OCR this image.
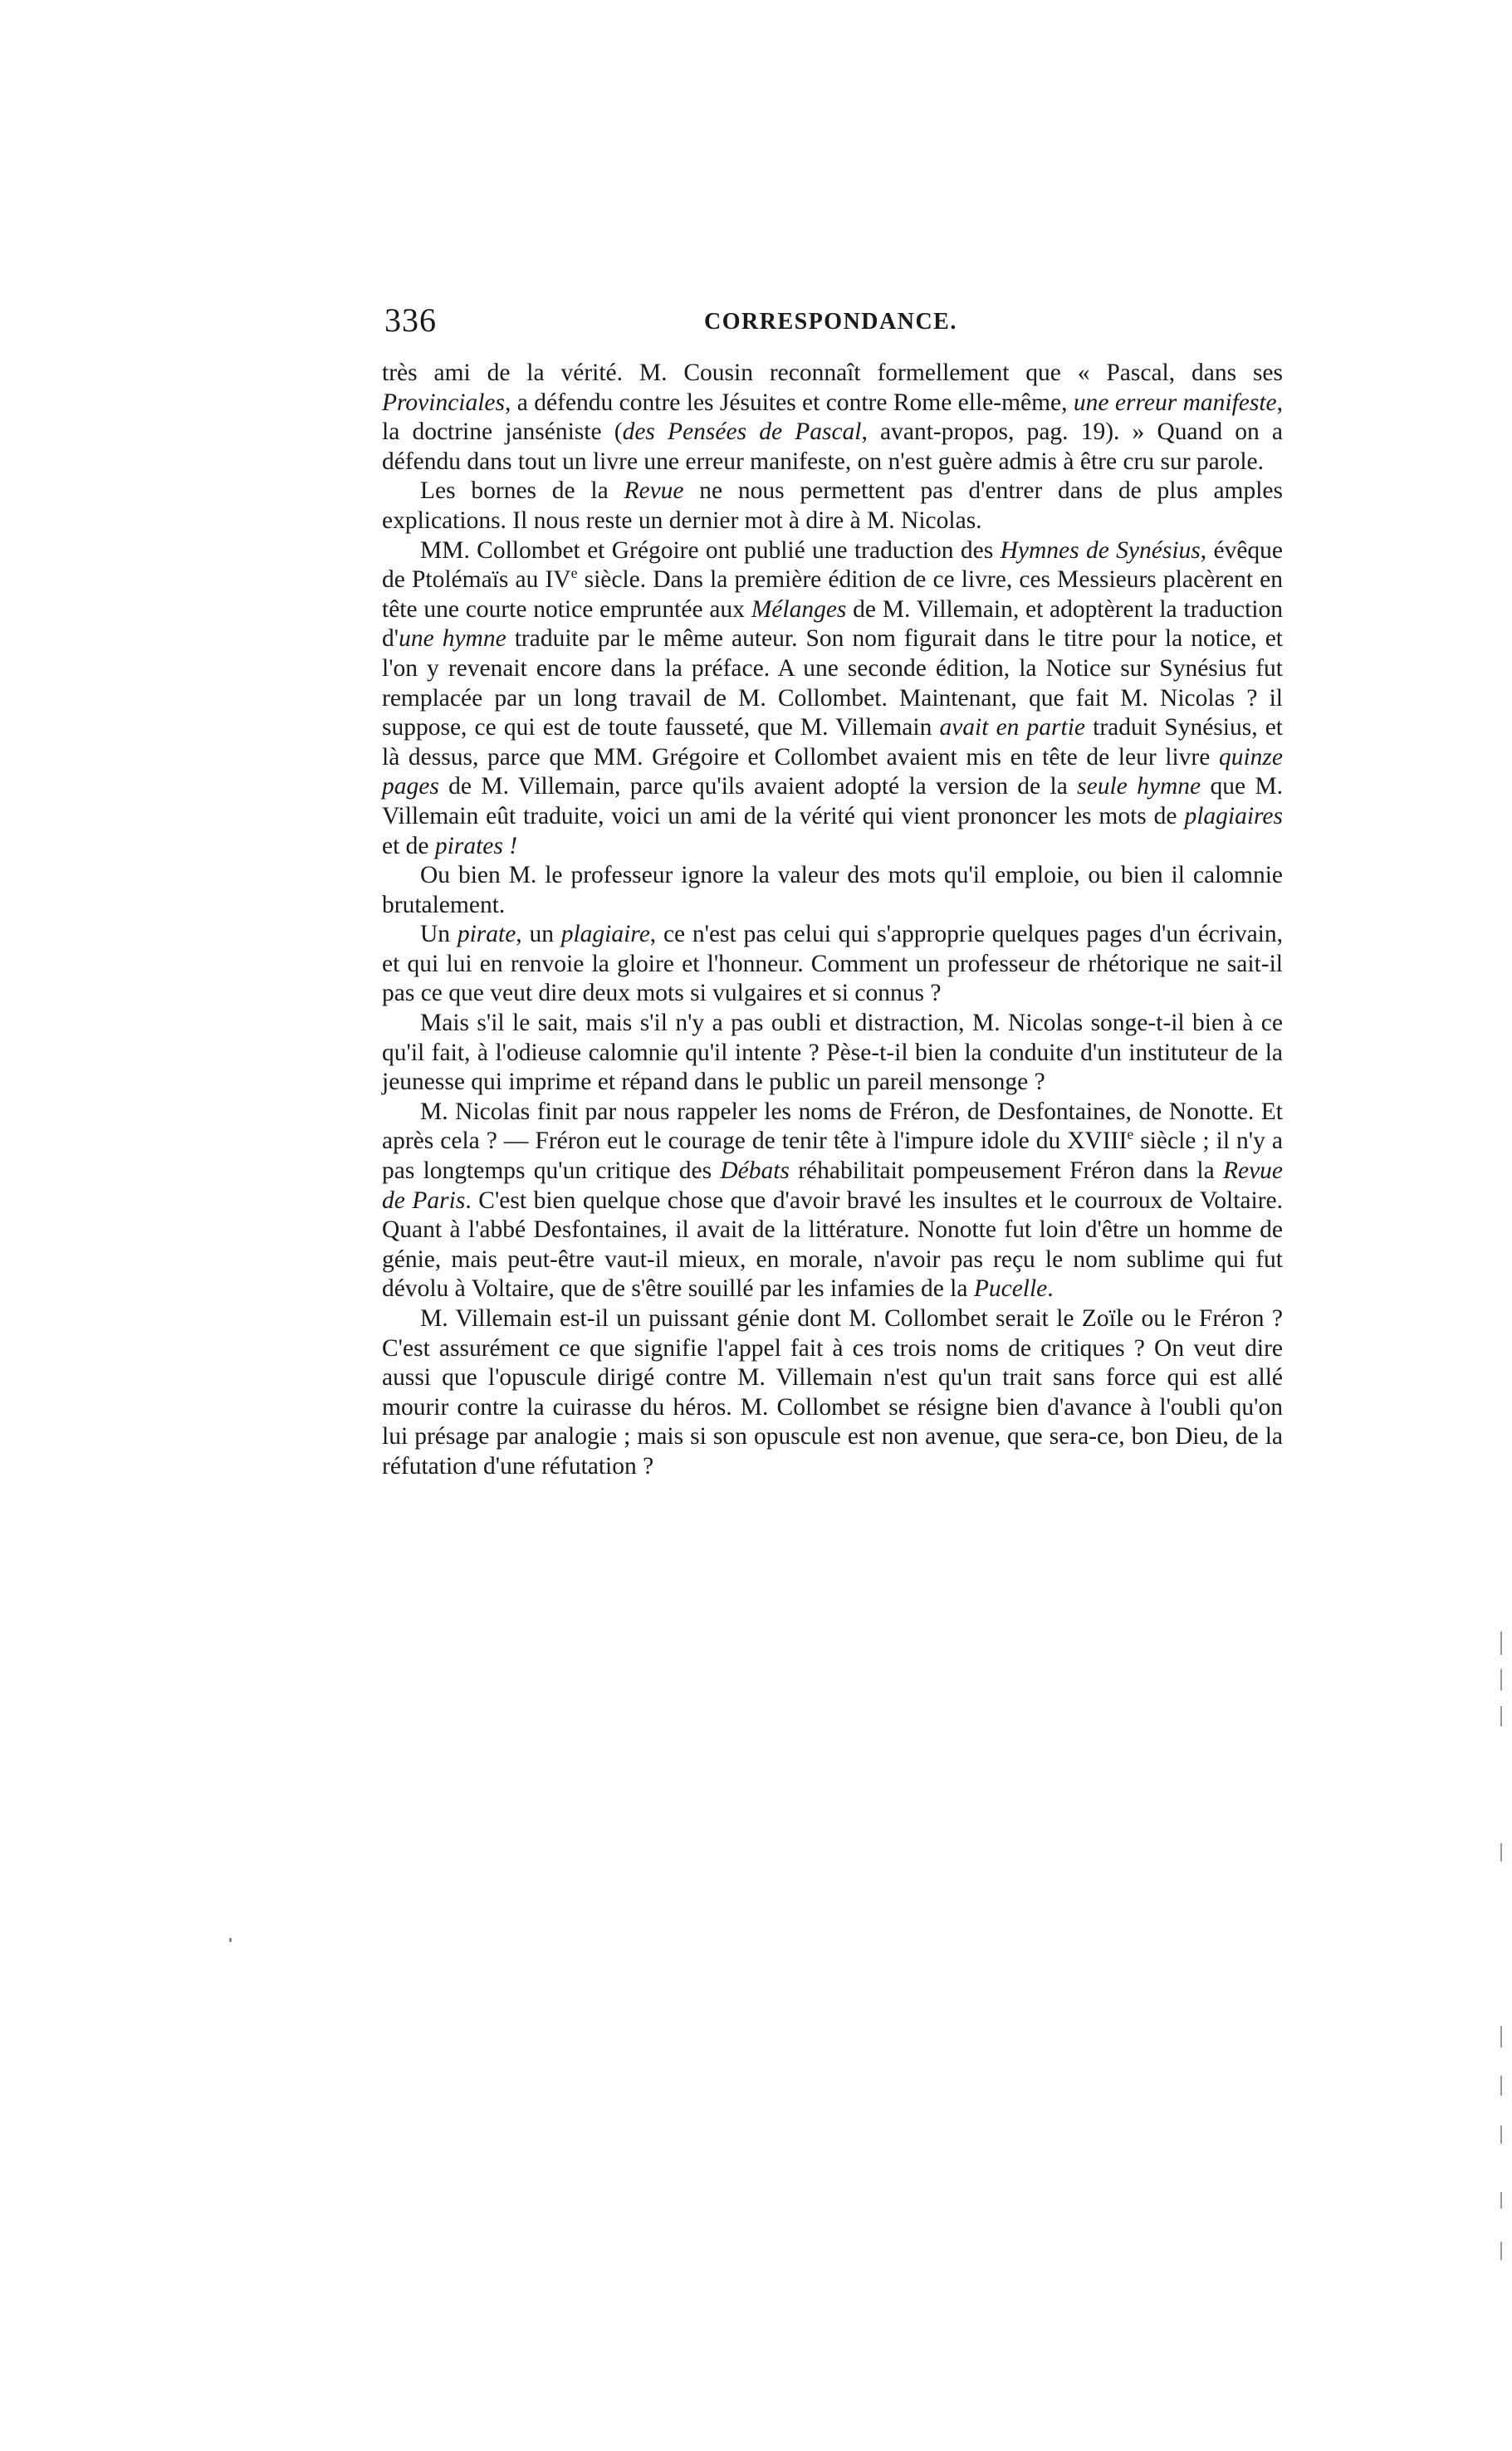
336	CORRESPONDANCE.

très ami de la vérité. M. Cousin reconnaît formellement que « Pascal, dans ses Provinciales, a défendu contre les Jésuites et contre Rome elle-même, une erreur manifeste, la doctrine janséniste (des Pensées de Pascal, avant-propos, pag. 19). » Quand on a défendu dans tout un livre une erreur manifeste, on n'est guère admis à être cru sur parole.

Les bornes de la Revue ne nous permettent pas d'entrer dans de plus amples explications. Il nous reste un dernier mot à dire à M. Nicolas.

MM. Collombet et Grégoire ont publié une traduction des Hymnes de Synésius, évêque de Ptolémaïs au IVe siècle. Dans la première édition de ce livre, ces Messieurs placèrent en tête une courte notice empruntée aux Mélanges de M. Villemain, et adoptèrent la traduction d'une hymne traduite par le même auteur. Son nom figurait dans le titre pour la notice, et l'on y revenait encore dans la préface. A une seconde édition, la Notice sur Synésius fut remplacée par un long travail de M. Collombet. Maintenant, que fait M. Nicolas ? il suppose, ce qui est de toute fausseté, que M. Villemain avait en partie traduit Synésius, et là dessus, parce que MM. Grégoire et Collombet avaient mis en tête de leur livre quinze pages de M. Villemain, parce qu'ils avaient adopté la version de la seule hymne que M. Villemain eût traduite, voici un ami de la vérité qui vient prononcer les mots de plagiaires et de pirates !

Ou bien M. le professeur ignore la valeur des mots qu'il emploie, ou bien il calomnie brutalement.

Un pirate, un plagiaire, ce n'est pas celui qui s'approprie quelques pages d'un écrivain, et qui lui en renvoie la gloire et l'honneur. Comment un professeur de rhétorique ne sait-il pas ce que veut dire deux mots si vulgaires et si connus ?

Mais s'il le sait, mais s'il n'y a pas oubli et distraction, M. Nicolas songe-t-il bien à ce qu'il fait, à l'odieuse calomnie qu'il intente ? Pèse-t-il bien la conduite d'un instituteur de la jeunesse qui imprime et répand dans le public un pareil mensonge ?

M. Nicolas finit par nous rappeler les noms de Fréron, de Desfontaines, de Nonotte. Et après cela ? — Fréron eut le courage de tenir tête à l'impure idole du XVIIIe siècle ; il n'y a pas longtemps qu'un critique des Débats réhabilitait pompeusement Fréron dans la Revue de Paris. C'est bien quelque chose que d'avoir bravé les insultes et le courroux de Voltaire. Quant à l'abbé Desfontaines, il avait de la littérature. Nonotte fut loin d'être un homme de génie, mais peut-être vaut-il mieux, en morale, n'avoir pas reçu le nom sublime qui fut dévolu à Voltaire, que de s'être souillé par les infamies de la Pucelle.

M. Villemain est-il un puissant génie dont M. Collombet serait le Zoïle ou le Fréron ? C'est assurément ce que signifie l'appel fait à ces trois noms de critiques ? On veut dire aussi que l'opuscule dirigé contre M. Villemain n'est qu'un trait sans force qui est allé mourir contre la cuirasse du héros. M. Collombet se résigne bien d'avance à l'oubli qu'on lui présage par analogie ; mais si son opuscule est non avenue, que sera-ce, bon Dieu, de la réfutation d'une réfutation ?
